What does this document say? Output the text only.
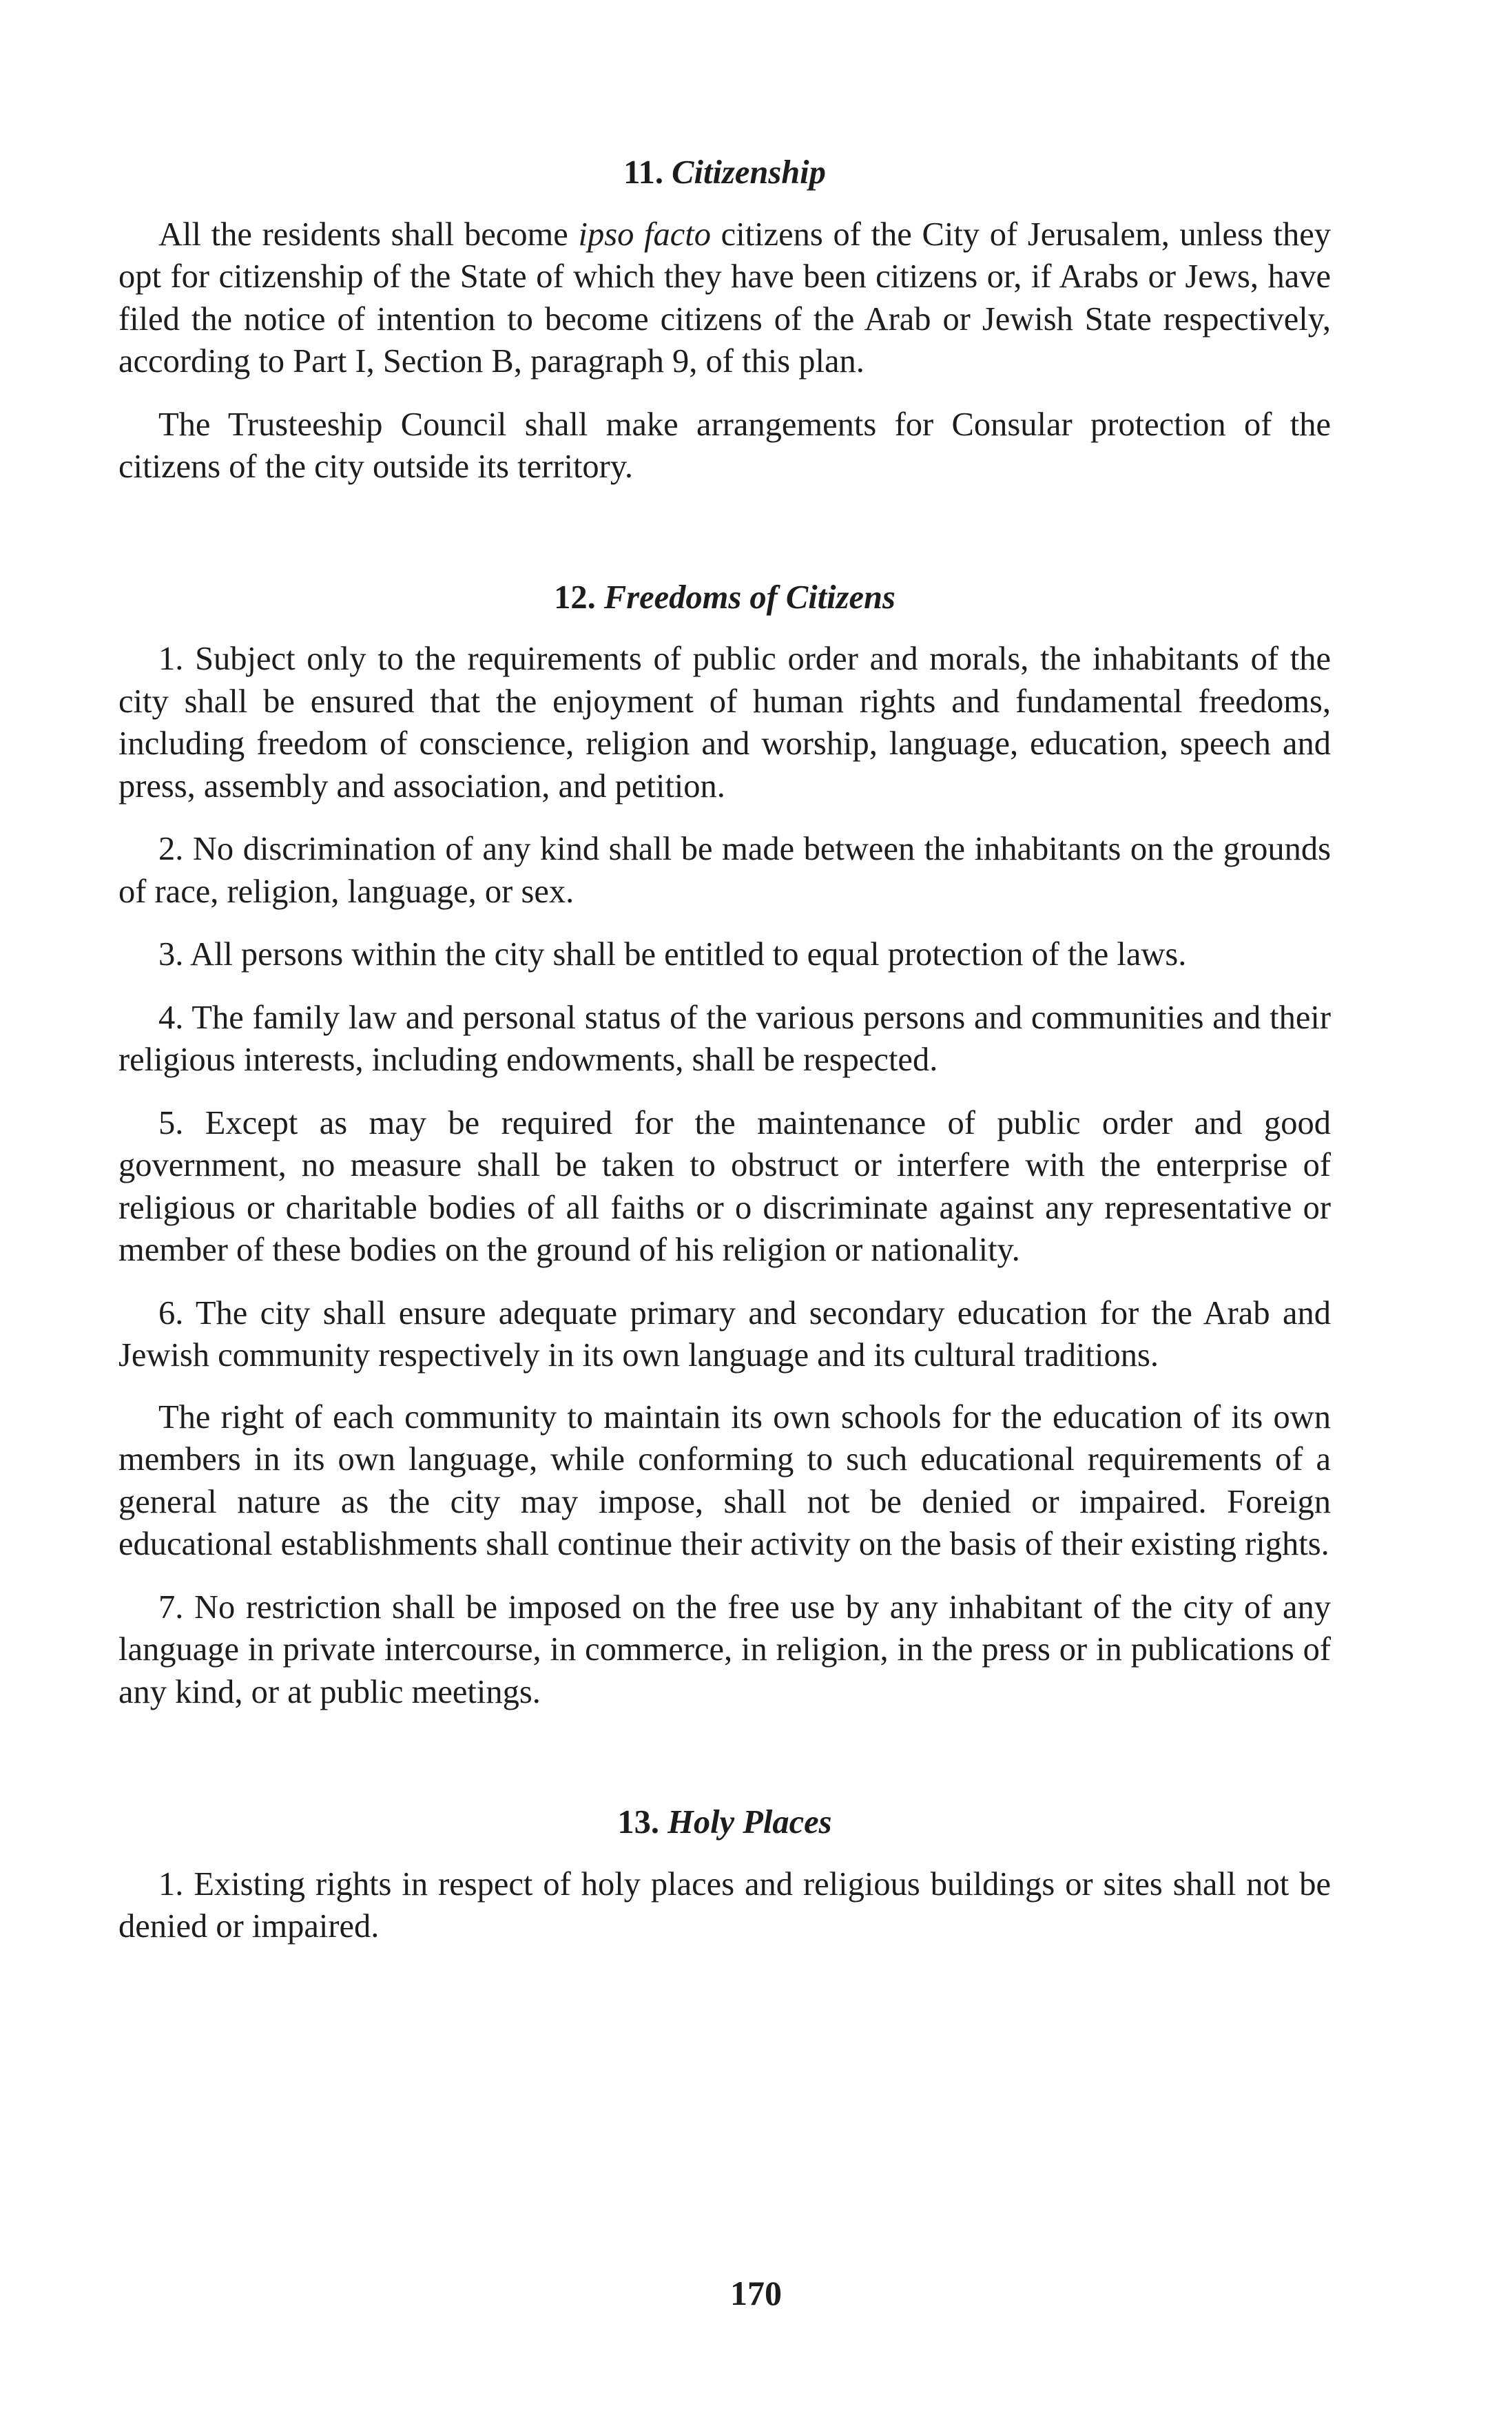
11. Citizenship

All the residents shall become ipso facto citizens of the City of Jerusalem, unless they opt for citizenship of the State of which they have been citizens or, if Arabs or Jews, have filed the notice of intention to become citizens of the Arab or Jewish State respectively, according to Part I, Section B, paragraph 9, of this plan.

The Trusteeship Council shall make arrangements for Consular protection of the citizens of the city outside its territory.

12. Freedoms of Citizens

1. Subject only to the requirements of public order and morals, the inhabitants of the city shall be ensured that the enjoyment of human rights and fundamental freedoms, including freedom of conscience, religion and worship, language, education, speech and press, assembly and association, and petition.

2. No discrimination of any kind shall be made between the inhabitants on the grounds of race, religion, language, or sex.

3. All persons within the city shall be entitled to equal protection of the laws.

4. The family law and personal status of the various persons and communities and their religious interests, including endowments, shall be respected.

5. Except as may be required for the maintenance of public order and good government, no measure shall be taken to obstruct or interfere with the enterprise of religious or charitable bodies of all faiths or o discriminate against any representative or member of these bodies on the ground of his religion or nationality.

6. The city shall ensure adequate primary and secondary education for the Arab and Jewish community respectively in its own language and its cultural traditions.

The right of each community to maintain its own schools for the education of its own members in its own language, while conforming to such educational requirements of a general nature as the city may impose, shall not be denied or impaired. Foreign educational establishments shall continue their activity on the basis of their existing rights.

7. No restriction shall be imposed on the free use by any inhabitant of the city of any language in private intercourse, in commerce, in religion, in the press or in publications of any kind, or at public meetings.

13. Holy Places

1. Existing rights in respect of holy places and religious buildings or sites shall not be denied or impaired.

170
